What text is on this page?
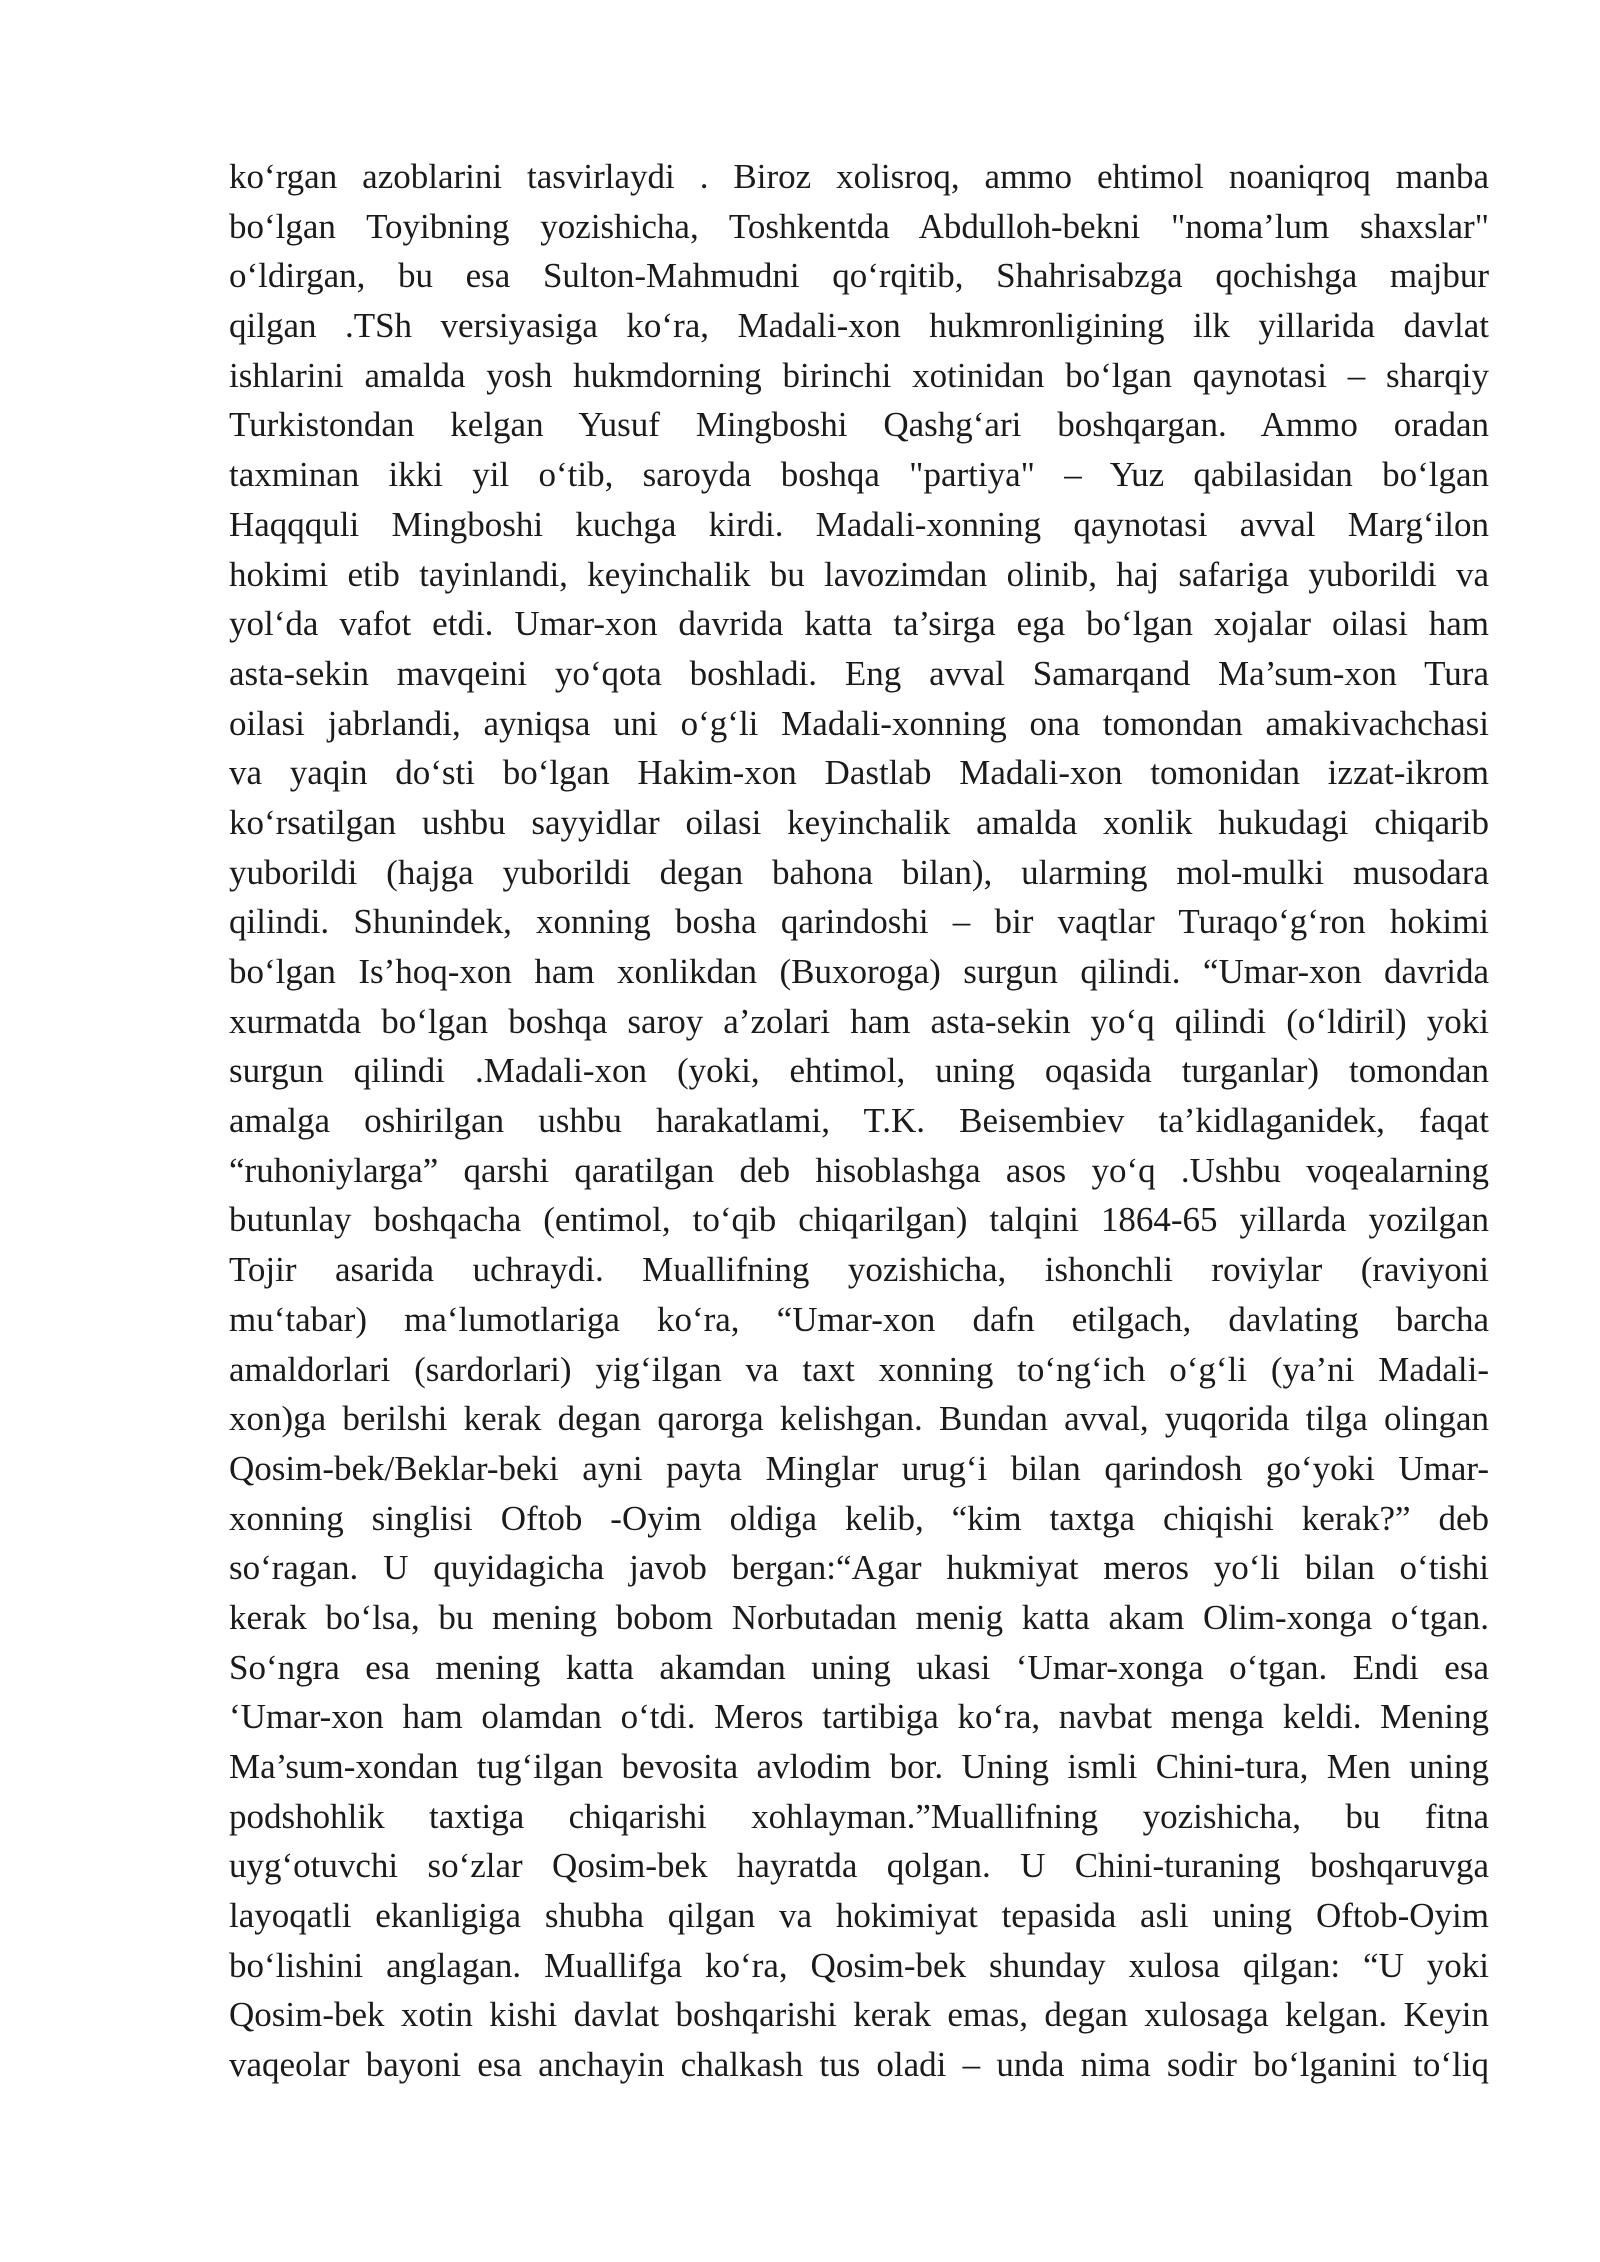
ko‘rgan azoblarini tasvirlaydi . Biroz xolisroq, ammo ehtimol noaniqroq manba
bo‘lgan Toyibning yozishicha, Toshkentda Abdulloh-bekni "noma’lum shaxslar"
o‘ldirgan, bu esa Sulton-Mahmudni qo‘rqitib, Shahrisabzga qochishga majbur
qilgan .TSh versiyasiga ko‘ra, Madali-xon hukmronligining ilk yillarida davlat
ishlarini amalda yosh hukmdorning birinchi xotinidan bo‘lgan qaynotasi – sharqiy
Turkistondan kelgan Yusuf Mingboshi Qashg‘ari boshqargan. Ammo oradan
taxminan ikki yil o‘tib, saroyda boshqa "partiya" – Yuz qabilasidan bo‘lgan
Haqqquli Mingboshi kuchga kirdi. Madali-xonning qaynotasi avval Marg‘ilon
hokimi etib tayinlandi, keyinchalik bu lavozimdan olinib, haj safariga yuborildi va
yol‘da vafot etdi. Umar-xon davrida katta ta’sirga ega bo‘lgan xojalar oilasi ham
asta-sekin mavqeini yo‘qota boshladi. Eng avval Samarqand Ma’sum-xon Tura
oilasi jabrlandi, ayniqsa uni o‘g‘li Madali-xonning ona tomondan amakivachchasi
va yaqin do‘sti bo‘lgan Hakim-xon Dastlab Madali-xon tomonidan izzat-ikrom
ko‘rsatilgan ushbu sayyidlar oilasi keyinchalik amalda xonlik hukudagi chiqarib
yuborildi (hajga yuborildi degan bahona bilan), ularming mol-mulki musodara
qilindi. Shunindek, xonning bosha qarindoshi – bir vaqtlar Turaqo‘g‘ron hokimi
bo‘lgan Is’hoq-xon ham xonlikdan (Buxoroga) surgun qilindi. “Umar-xon davrida
xurmatda bo‘lgan boshqa saroy a’zolari ham asta-sekin yo‘q qilindi (o‘ldiril) yoki
surgun qilindi .Madali-xon (yoki, ehtimol, uning oqasida turganlar) tomondan
amalga oshirilgan ushbu harakatlami, T.K. Beisembiev ta’kidlaganidek, faqat
“ruhoniylarga” qarshi qaratilgan deb hisoblashga asos yo‘q .Ushbu voqealarning
butunlay boshqacha (entimol, to‘qib chiqarilgan) talqini 1864-65 yillarda yozilgan
Tojir asarida uchraydi. Muallifning yozishicha, ishonchli roviylar (raviyoni
mu‘tabar) ma‘lumotlariga ko‘ra, “Umar-xon dafn etilgach, davlating barcha
amaldorlari (sardorlari) yig‘ilgan va taxt xonning to‘ng‘ich o‘g‘li (ya’ni Madali-
xon)ga berilshi kerak degan qarorga kelishgan. Bundan avval, yuqorida tilga olingan
Qosim-bek/Beklar-beki ayni payta Minglar urug‘i bilan qarindosh go‘yoki Umar-
xonning singlisi Oftob -Oyim oldiga kelib, “kim taxtga chiqishi kerak?” deb
so‘ragan. U quyidagicha javob bergan:“Agar hukmiyat meros yo‘li bilan o‘tishi
kerak bo‘lsa, bu mening bobom Norbutadan menig katta akam Olim-xonga o‘tgan.
So‘ngra esa mening katta akamdan uning ukasi ‘Umar-xonga o‘tgan. Endi esa
‘Umar-xon ham olamdan o‘tdi. Meros tartibiga ko‘ra, navbat menga keldi. Mening
Ma’sum-xondan tug‘ilgan bevosita avlodim bor. Uning ismli Chini-tura, Men uning
podshohlik taxtiga chiqarishi xohlayman.”Muallifning yozishicha, bu fitna
uyg‘otuvchi so‘zlar Qosim-bek hayratda qolgan. U Chini-turaning boshqaruvga
layoqatli ekanligiga shubha qilgan va hokimiyat tepasida asli uning Oftob-Oyim
bo‘lishini anglagan. Muallifga ko‘ra, Qosim-bek shunday xulosa qilgan: “U yoki
Qosim-bek xotin kishi davlat boshqarishi kerak emas, degan xulosaga kelgan. Keyin
vaqeolar bayoni esa anchayin chalkash tus oladi – unda nima sodir bo‘lganini to‘liq
